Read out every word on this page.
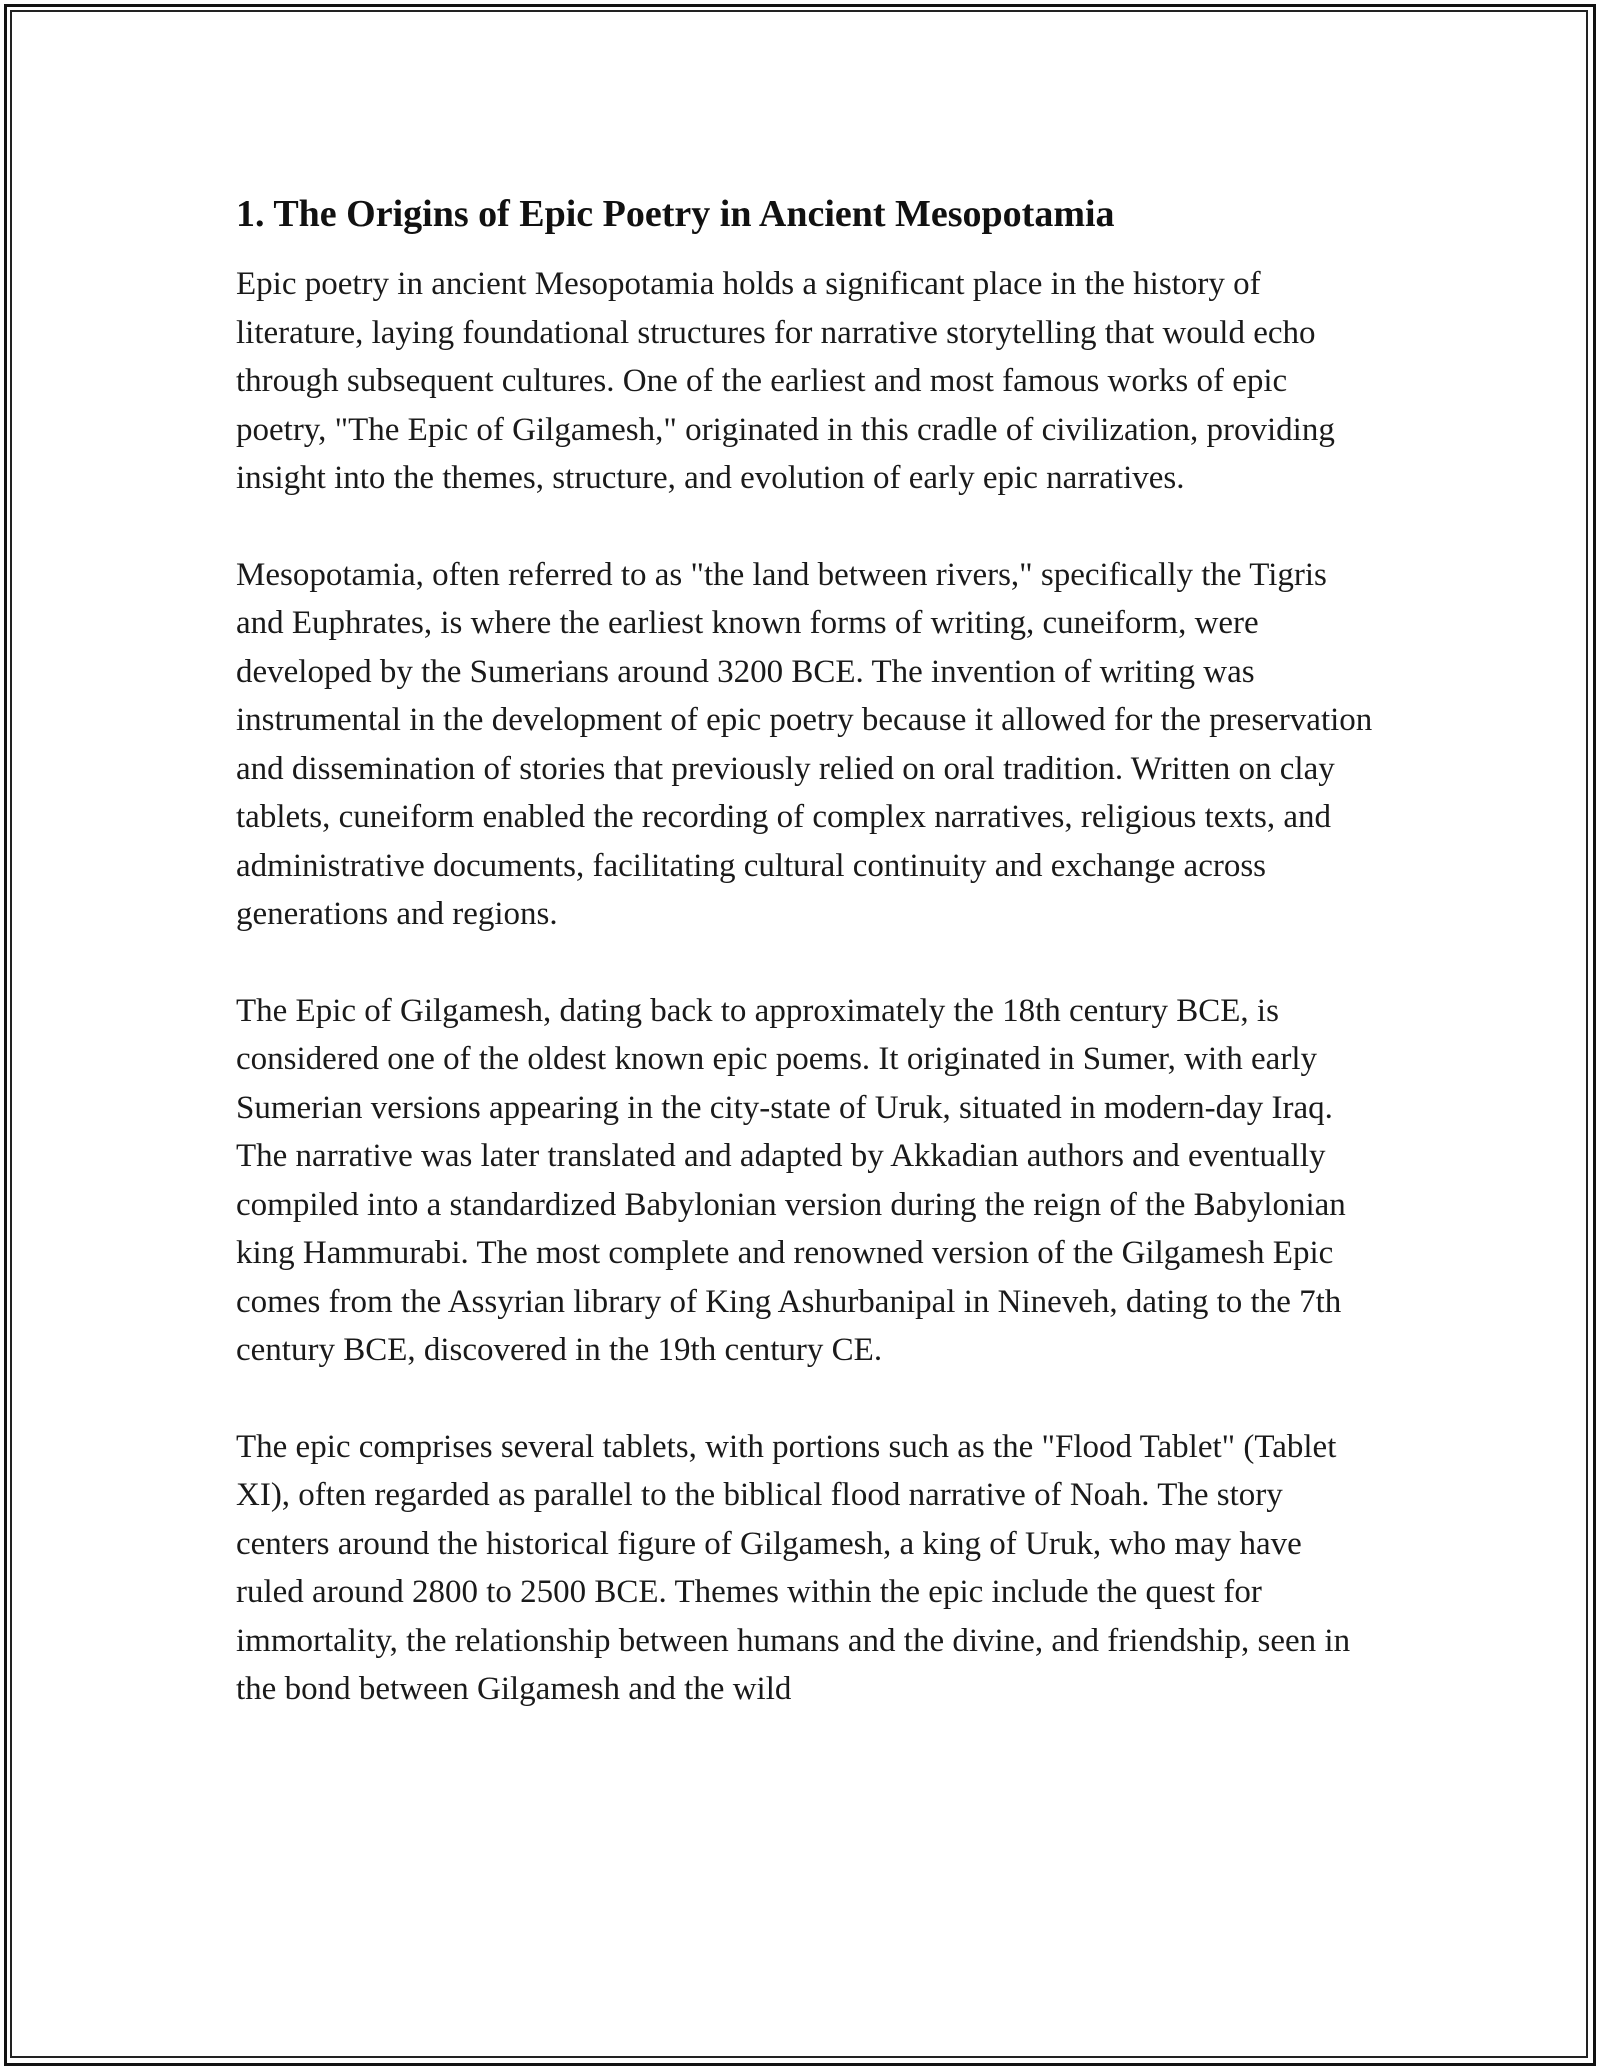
1. The Origins of Epic Poetry in Ancient Mesopotamia

Epic poetry in ancient Mesopotamia holds a significant place in the history of literature, laying foundational structures for narrative storytelling that would echo through subsequent cultures. One of the earliest and most famous works of epic poetry, "The Epic of Gilgamesh," originated in this cradle of civilization, providing insight into the themes, structure, and evolution of early epic narratives.

Mesopotamia, often referred to as "the land between rivers," specifically the Tigris and Euphrates, is where the earliest known forms of writing, cuneiform, were developed by the Sumerians around 3200 BCE. The invention of writing was instrumental in the development of epic poetry because it allowed for the preservation and dissemination of stories that previously relied on oral tradition. Written on clay tablets, cuneiform enabled the recording of complex narratives, religious texts, and administrative documents, facilitating cultural continuity and exchange across generations and regions.

The Epic of Gilgamesh, dating back to approximately the 18th century BCE, is considered one of the oldest known epic poems. It originated in Sumer, with early Sumerian versions appearing in the city-state of Uruk, situated in modern-day Iraq. The narrative was later translated and adapted by Akkadian authors and eventually compiled into a standardized Babylonian version during the reign of the Babylonian king Hammurabi. The most complete and renowned version of the Gilgamesh Epic comes from the Assyrian library of King Ashurbanipal in Nineveh, dating to the 7th century BCE, discovered in the 19th century CE.

The epic comprises several tablets, with portions such as the "Flood Tablet" (Tablet XI), often regarded as parallel to the biblical flood narrative of Noah. The story centers around the historical figure of Gilgamesh, a king of Uruk, who may have ruled around 2800 to 2500 BCE. Themes within the epic include the quest for immortality, the relationship between humans and the divine, and friendship, seen in the bond between Gilgamesh and the wild
